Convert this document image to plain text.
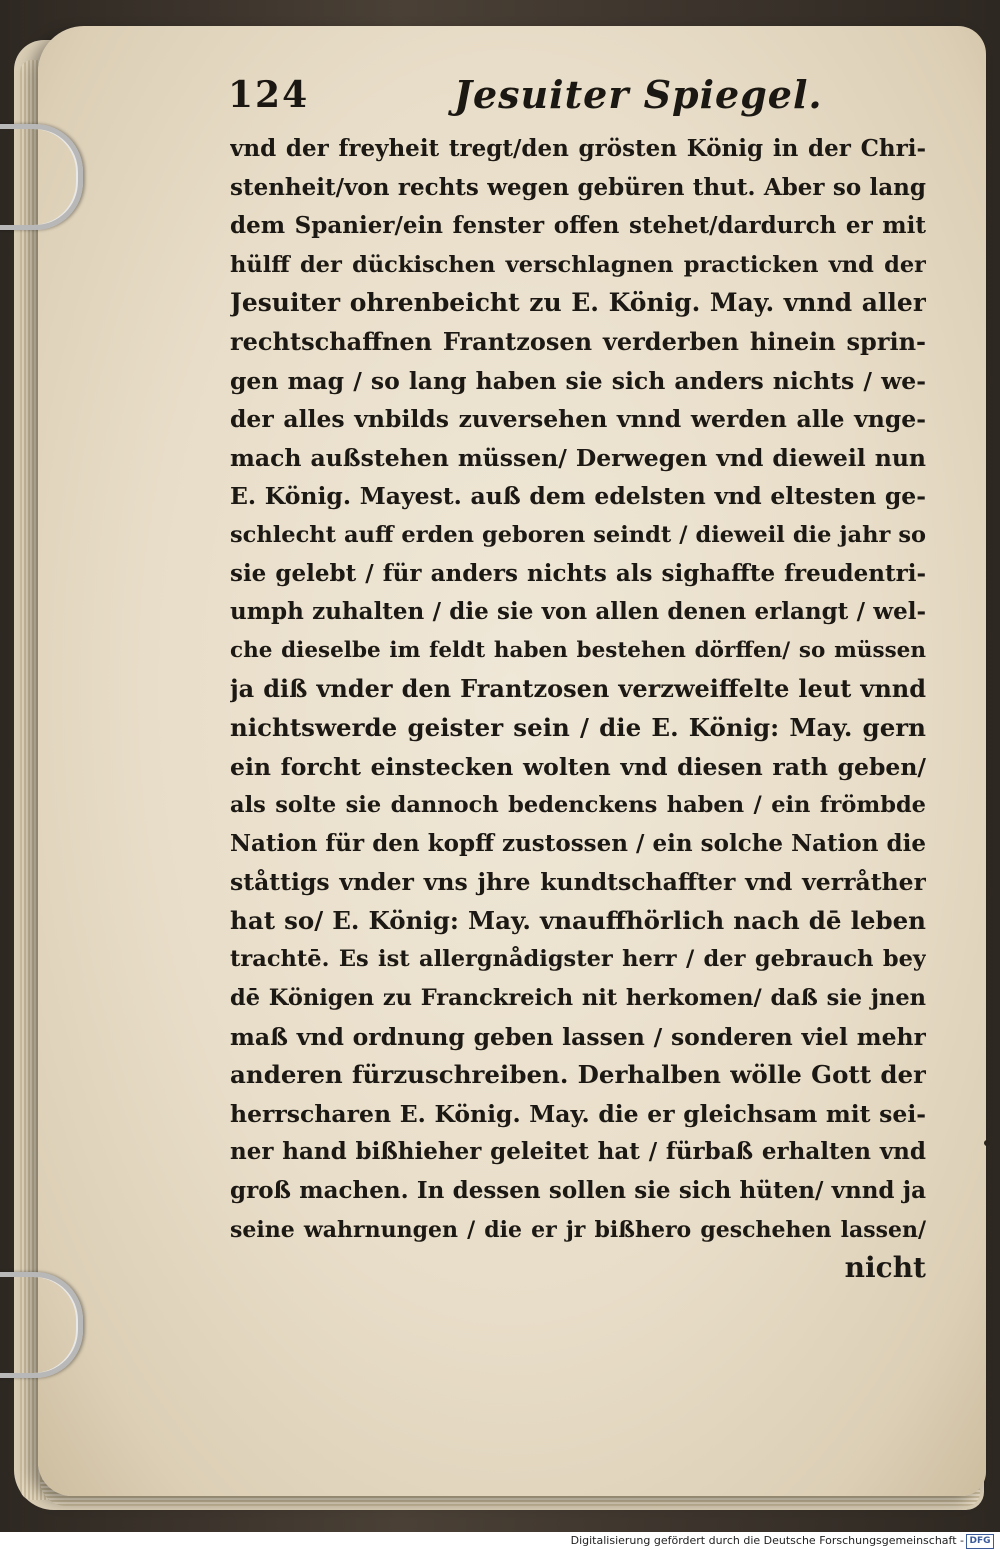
124	Jesuiter Spiegel.
vnd der freyheit tregt/den grösten König in der Chri-
stenheit/von rechts wegen gebüren thut. Aber so lang
dem Spanier/ein fenster offen stehet/dardurch er mit
hülff der dückischen verschlagnen practicken vnd der
Jesuiter ohrenbeicht zu E. König. May. vnnd aller
rechtschaffnen Frantzosen verderben hinein sprin-
gen mag / so lang haben sie sich anders nichts / we-
der alles vnbilds zuversehen vnnd werden alle vnge-
mach außstehen müssen/ Derwegen vnd dieweil nun
E. König. Mayest. auß dem edelsten vnd eltesten ge-
schlecht auff erden geboren seindt / dieweil die jahr so
sie gelebt / für anders nichts als sighaffte freudentri-
umph zuhalten / die sie von allen denen erlangt / wel-
che dieselbe im feldt haben bestehen dörffen/ so müssen
ja diß vnder den Frantzosen verzweiffelte leut vnnd
nichtswerde geister sein / die E. König: May. gern
ein forcht einstecken wolten vnd diesen rath geben/
als solte sie dannoch bedenckens haben / ein frömbde
Nation für den kopff zustossen / ein solche Nation die
ståttigs vnder vns jhre kundtschaffter vnd verråther
hat so/ E. König: May. vnauffhörlich nach dē leben
trachtē. Es ist allergnådigster herr / der gebrauch bey
dē Königen zu Franckreich nit herkomen/ daß sie jnen
maß vnd ordnung geben lassen / sonderen viel mehr
anderen fürzuschreiben. Derhalben wölle Gott der
herrscharen E. König. May. die er gleichsam mit sei-
ner hand bißhieher geleitet hat / fürbaß erhalten vnd
groß machen. In dessen sollen sie sich hüten/ vnnd ja
seine wahrnungen / die er jr bißhero geschehen lassen/
nicht
Digitalisierung gefördert durch die Deutsche Forschungsgemeinschaft - DFG
